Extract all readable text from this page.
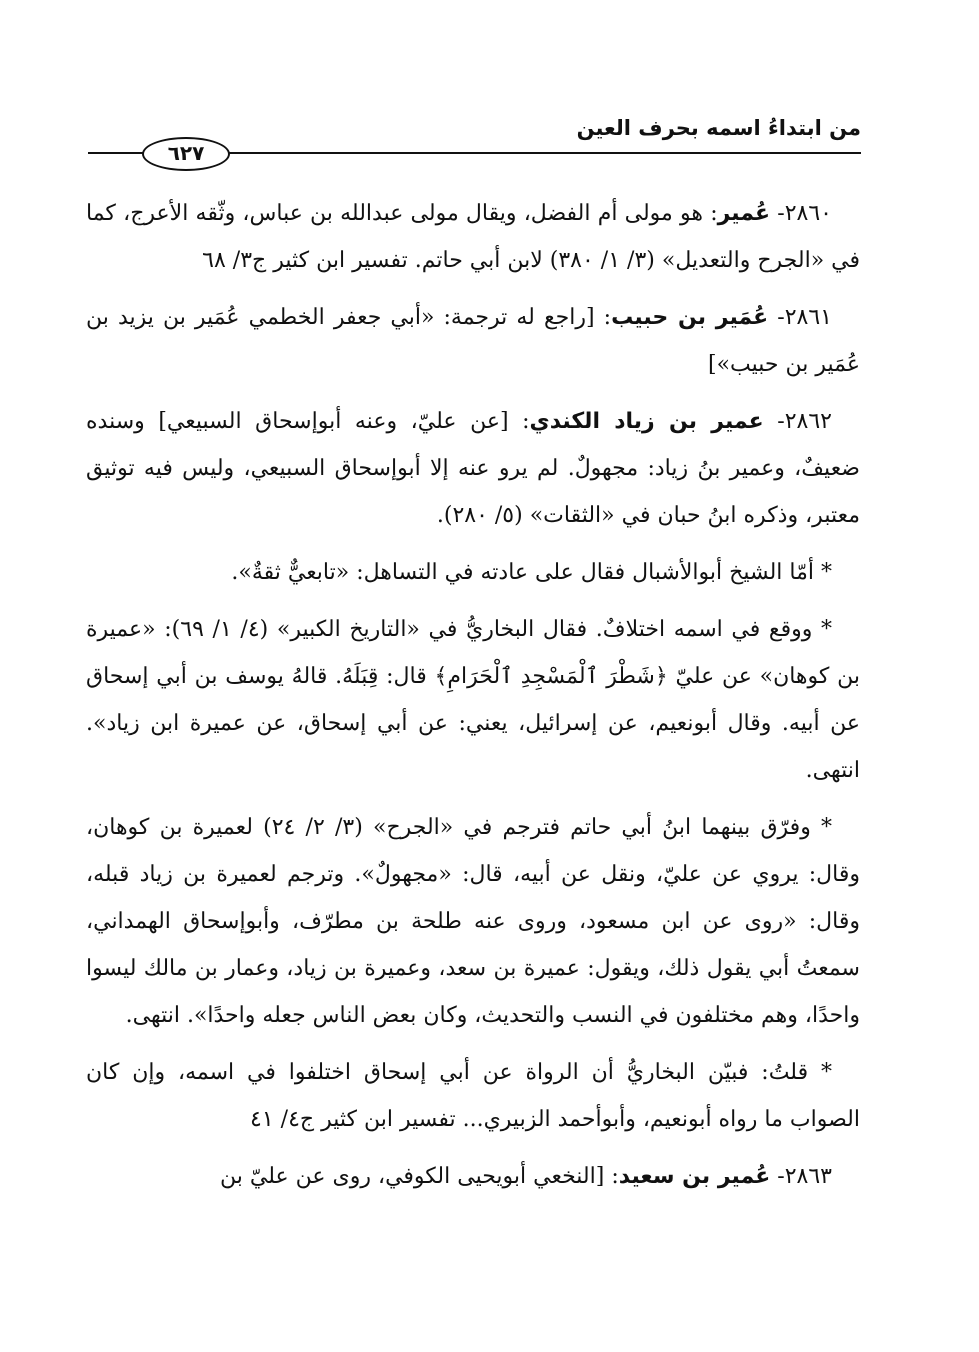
من ابتداءُ اسمه بحرف العين
٦٢٧

٢٨٦٠- عُمير: هو مولى أم الفضل، ويقال مولى عبدالله بن عباس، وثّقه الأعرج، كما في «الجرح والتعديل» (٣/ ١/ ٣٨٠) لابن أبي حاتم. تفسير ابن كثير ج٣/ ٦٨

٢٨٦١- عُمَير بن حبيب: [راجع له ترجمة: «أبي جعفر الخطمي عُمَير بن يزيد بن عُمَير بن حبيب»]

٢٨٦٢- عمير بن زياد الكندي: [عن عليّ، وعنه أبوإسحاق السبيعي] وسنده ضعيفٌ، وعمير بنُ زياد: مجهولٌ. لم يرو عنه إلا أبوإسحاق السبيعي، وليس فيه توثيق معتبر، وذكره ابنُ حبان في «الثقات» (٥/ ٢٨٠).

* أمّا الشيخ أبوالأشبال فقال على عادته في التساهل: «تابعيٌّ ثقةٌ».

* ووقع في اسمه اختلافٌ. فقال البخاريُّ في «التاريخ الكبير» (٤/ ١/ ٦٩): «عميرة بن كوهان» عن عليّ ﴿شَطْرَ ٱلْمَسْجِدِ ٱلْحَرَامِ﴾ قال: قِبَلَهُ. قالهُ يوسف بن أبي إسحاق عن أبيه. وقال أبونعيم، عن إسرائيل، يعني: عن أبي إسحاق، عن عميرة ابن زياد». انتهى.

* وفرّق بينهما ابنُ أبي حاتم فترجم في «الجرح» (٣/ ٢/ ٢٤) لعميرة بن كوهان، وقال: يروي عن عليّ، ونقل عن أبيه، قال: «مجهولٌ». وترجم لعميرة بن زياد قبله، وقال: «روى عن ابن مسعود، وروى عنه طلحة بن مطرّف، وأبوإسحاق الهمداني، سمعتُ أبي يقول ذلك، ويقول: عميرة بن سعد، وعميرة بن زياد، وعمار بن مالك ليسوا واحدًا، وهم مختلفون في النسب والتحديث، وكان بعض الناس جعله واحدًا». انتهى.

* قلتُ: فبيّن البخاريُّ أن الرواة عن أبي إسحاق اختلفوا في اسمه، وإن كان الصواب ما رواه أبونعيم، وأبوأحمد الزبيري... تفسير ابن كثير ج٤/ ٤١

٢٨٦٣- عُمير بن سعيد: [النخعي أبويحيى الكوفي، روى عن عليّ بن
